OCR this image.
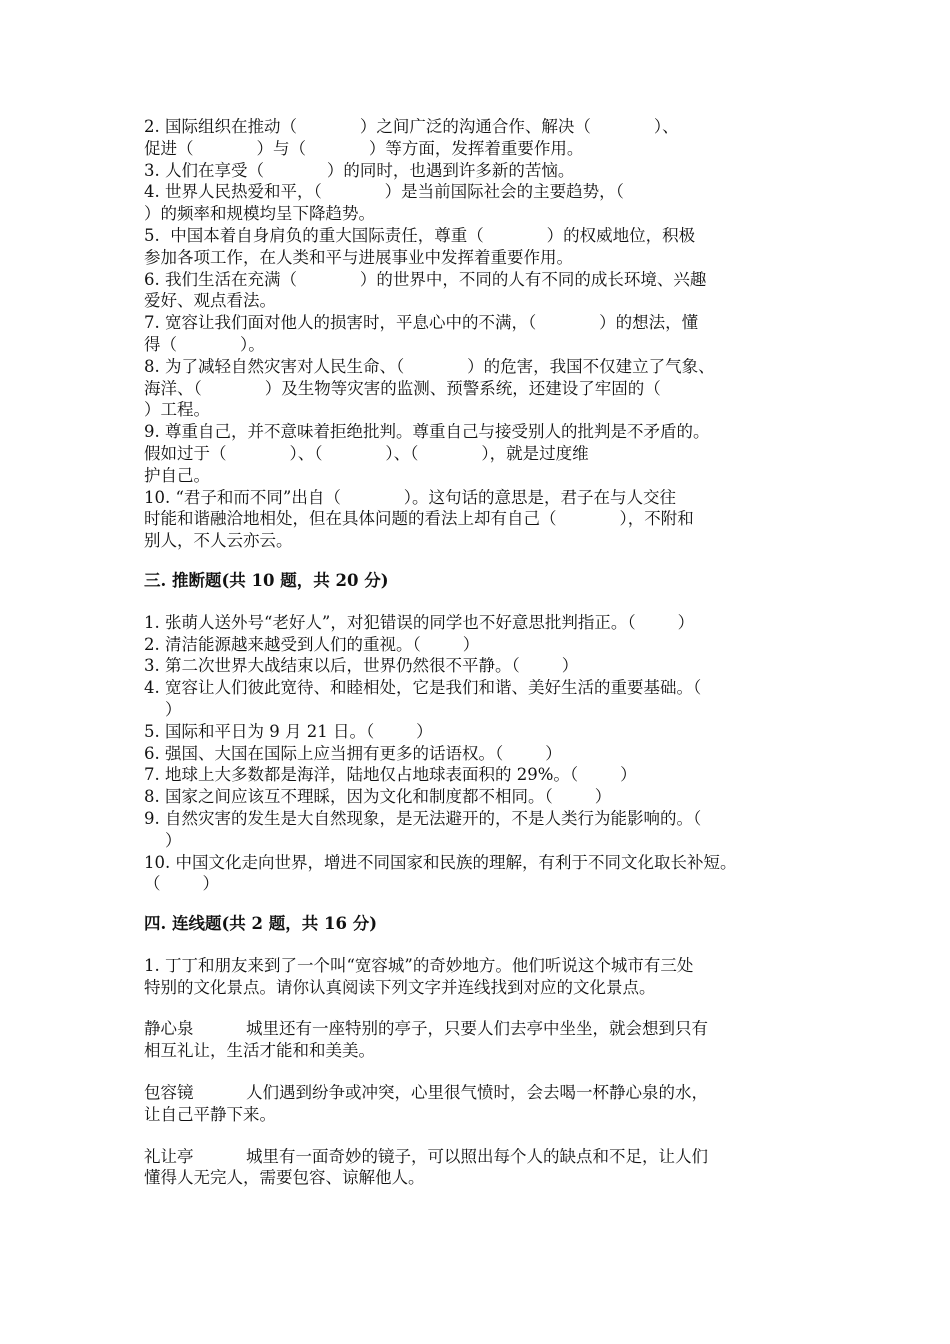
2. 国际组织在推动（            ）之间广泛的沟通合作、解决（            ）、
促进（            ）与（            ）等方面，发挥着重要作用。
3. 人们在享受（            ）的同时，也遇到许多新的苦恼。
4. 世界人民热爱和平，（            ）是当前国际社会的主要趋势，（
）的频率和规模均呈下降趋势。
5.  中国本着自身肩负的重大国际责任，尊重（            ）的权威地位，积极
参加各项工作，在人类和平与进展事业中发挥着重要作用。
6. 我们生活在充满（            ）的世界中，不同的人有不同的成长环境、兴趣
爱好、观点看法。
7. 宽容让我们面对他人的损害时，平息心中的不满，（            ）的想法，懂
得（            ）。
8. 为了减轻自然灾害对人民生命、（            ）的危害，我国不仅建立了气象、
海洋、（            ）及生物等灾害的监测、预警系统，还建设了牢固的（
）工程。
9. 尊重自己，并不意味着拒绝批判。尊重自己与接受别人的批判是不矛盾的。
假如过于（            ）、（            ）、（            ），就是过度维
护自己。
10. “君子和而不同”出自（            ）。这句话的意思是，君子在与人交往
时能和谐融洽地相处，但在具体问题的看法上却有自己（            ），不附和
别人，不人云亦云。
三. 推断题(共 10 题，共 20 分)
1. 张萌人送外号“老好人”，对犯错误的同学也不好意思批判指正。（        ）
2. 清洁能源越来越受到人们的重视。（        ）
3. 第二次世界大战结束以后，世界仍然很不平静。（        ）
4. 宽容让人们彼此宽待、和睦相处，它是我们和谐、美好生活的重要基础。（
）
5. 国际和平日为 9 月 21 日。（        ）
6. 强国、大国在国际上应当拥有更多的话语权。（        ）
7. 地球上大多数都是海洋，陆地仅占地球表面积的 29%。（        ）
8. 国家之间应该互不理睬，因为文化和制度都不相同。（        ）
9. 自然灾害的发生是大自然现象，是无法避开的，不是人类行为能影响的。（
）
10. 中国文化走向世界，增进不同国家和民族的理解，有利于不同文化取长补短。
（        ）
四. 连线题(共 2 题，共 16 分)
1. 丁丁和朋友来到了一个叫“宽容城”的奇妙地方。他们听说这个城市有三处
特别的文化景点。请你认真阅读下列文字并连线找到对应的文化景点。
静心泉          城里还有一座特别的亭子，只要人们去亭中坐坐，就会想到只有
相互礼让，生活才能和和美美。
包容镜          人们遇到纷争或冲突，心里很气愤时，会去喝一杯静心泉的水，
让自己平静下来。
礼让亭          城里有一面奇妙的镜子，可以照出每个人的缺点和不足，让人们
懂得人无完人，需要包容、谅解他人。
